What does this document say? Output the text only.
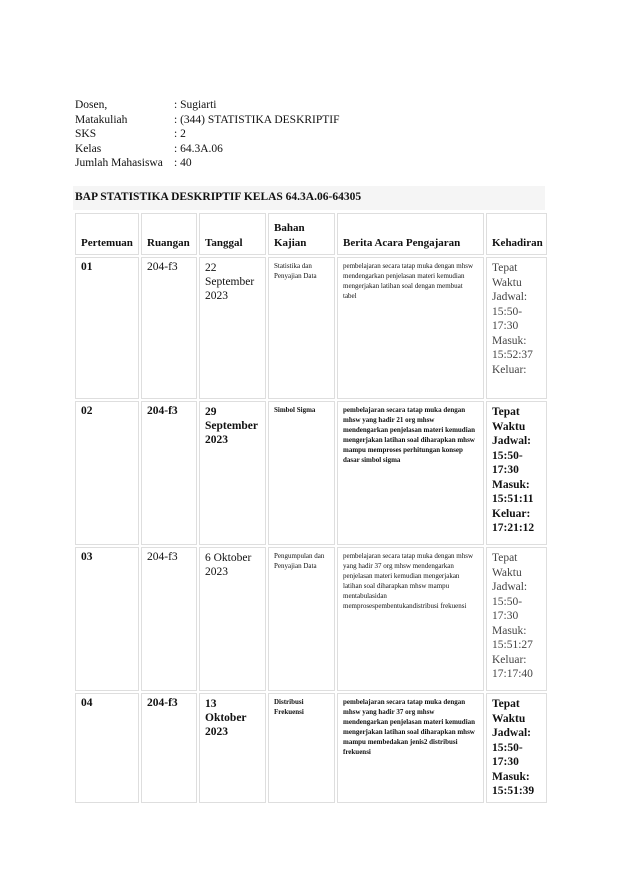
Dosen,	: Sugiarti
Matakuliah	: (344) STATISTIKA DESKRIPTIF
SKS	: 2
Kelas	: 64.3A.06
Jumlah Mahasiswa : 40
BAP STATISTIKA DESKRIPTIF KELAS 64.3A.06-64305
Pertemuan	Ruangan	Tanggal	Bahan Kajian	Berita Acara Pengajaran	Kehadiran
01	204-f3	22 September 2023	Statistika dan Penyajian Data	pembelajaran secara tatap muka dengan mhsw mendengarkan penjelasan materi kemudian mengerjakan latihan soal dengan membuat tabel	Tepat Waktu Jadwal: 15:50-17:30 Masuk: 15:52:37 Keluar:
02	204-f3	29 September 2023	Simbol Sigma	pembelajaran secara tatap muka dengan mhsw yang hadir 21 org mhsw mendengarkan penjelasan materi kemudian mengerjakan latihan soal diharapkan mhsw mampu memproses perhitungan konsep dasar simbol sigma	Tepat Waktu Jadwal: 15:50-17:30 Masuk: 15:51:11 Keluar: 17:21:12
03	204-f3	6 Oktober 2023	Pengumpulan dan Penyajian Data	pembelajaran secara tatap muka dengan mhsw yang hadir 37 org mhsw mendengarkan penjelasan materi kemudian mengerjakan latihan soal diharapkan mhsw mampu mentabulasidan memprosespembentukandistribusi frekuensi	Tepat Waktu Jadwal: 15:50-17:30 Masuk: 15:51:27 Keluar: 17:17:40
04	204-f3	13 Oktober 2023	Distribusi Frekuensi	pembelajaran secara tatap muka dengan mhsw yang hadir 37 org mhsw mendengarkan penjelasan materi kemudian mengerjakan latihan soal diharapkan mhsw mampu membedakan jenis2 distribusi frekuensi	Tepat Waktu Jadwal: 15:50-17:30 Masuk: 15:51:39
